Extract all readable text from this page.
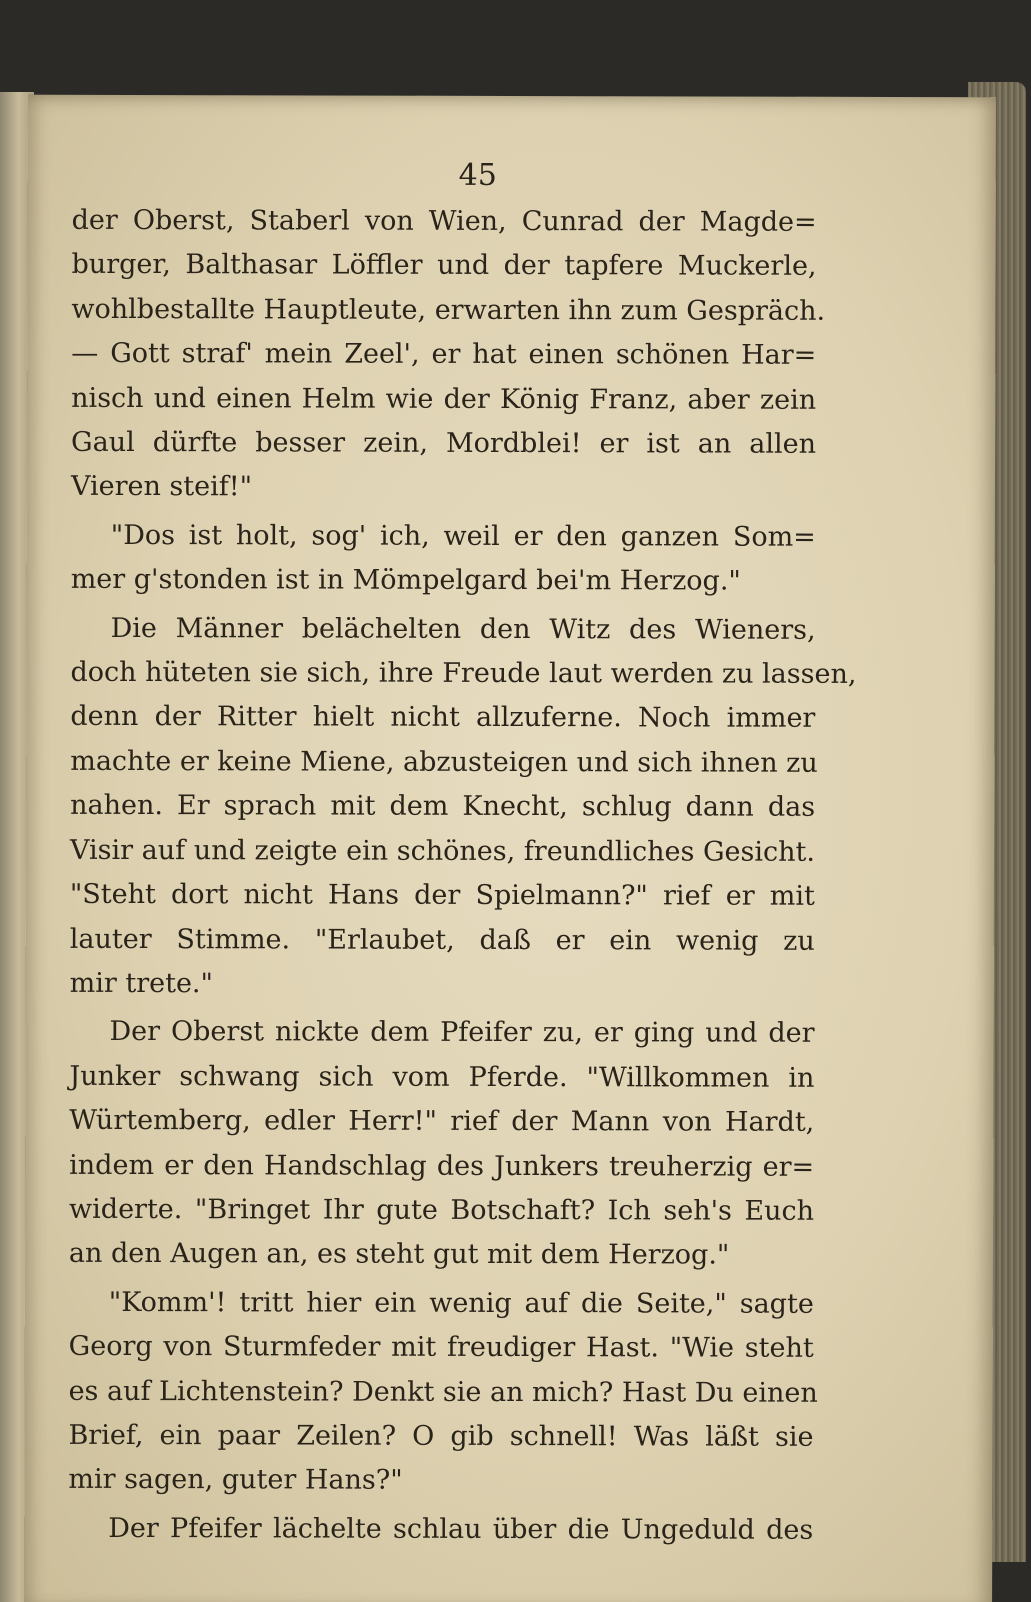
45
der Oberst, Staberl von Wien, Cunrad der Magde=
burger, Balthasar Löffler und der tapfere Muckerle,
wohlbestallte Hauptleute, erwarten ihn zum Gespräch.
— Gott straf' mein Zeel', er hat einen schönen Har=
nisch und einen Helm wie der König Franz, aber zein
Gaul dürfte besser zein, Mordblei! er ist an allen
Vieren steif!"
"Dos ist holt, sog' ich, weil er den ganzen Som=
mer g'stonden ist in Mömpelgard bei'm Herzog."
Die Männer belächelten den Witz des Wieners,
doch hüteten sie sich, ihre Freude laut werden zu lassen,
denn der Ritter hielt nicht allzuferne. Noch immer
machte er keine Miene, abzusteigen und sich ihnen zu
nahen. Er sprach mit dem Knecht, schlug dann das
Visir auf und zeigte ein schönes, freundliches Gesicht.
"Steht dort nicht Hans der Spielmann?" rief er mit
lauter Stimme. "Erlaubet, daß er ein wenig zu
mir trete."
Der Oberst nickte dem Pfeifer zu, er ging und der
Junker schwang sich vom Pferde. "Willkommen in
Würtemberg, edler Herr!" rief der Mann von Hardt,
indem er den Handschlag des Junkers treuherzig er=
widerte. "Bringet Ihr gute Botschaft? Ich seh's Euch
an den Augen an, es steht gut mit dem Herzog."
"Komm'! tritt hier ein wenig auf die Seite," sagte
Georg von Sturmfeder mit freudiger Hast. "Wie steht
es auf Lichtenstein? Denkt sie an mich? Hast Du einen
Brief, ein paar Zeilen? O gib schnell! Was läßt sie
mir sagen, guter Hans?"
Der Pfeifer lächelte schlau über die Ungeduld des
